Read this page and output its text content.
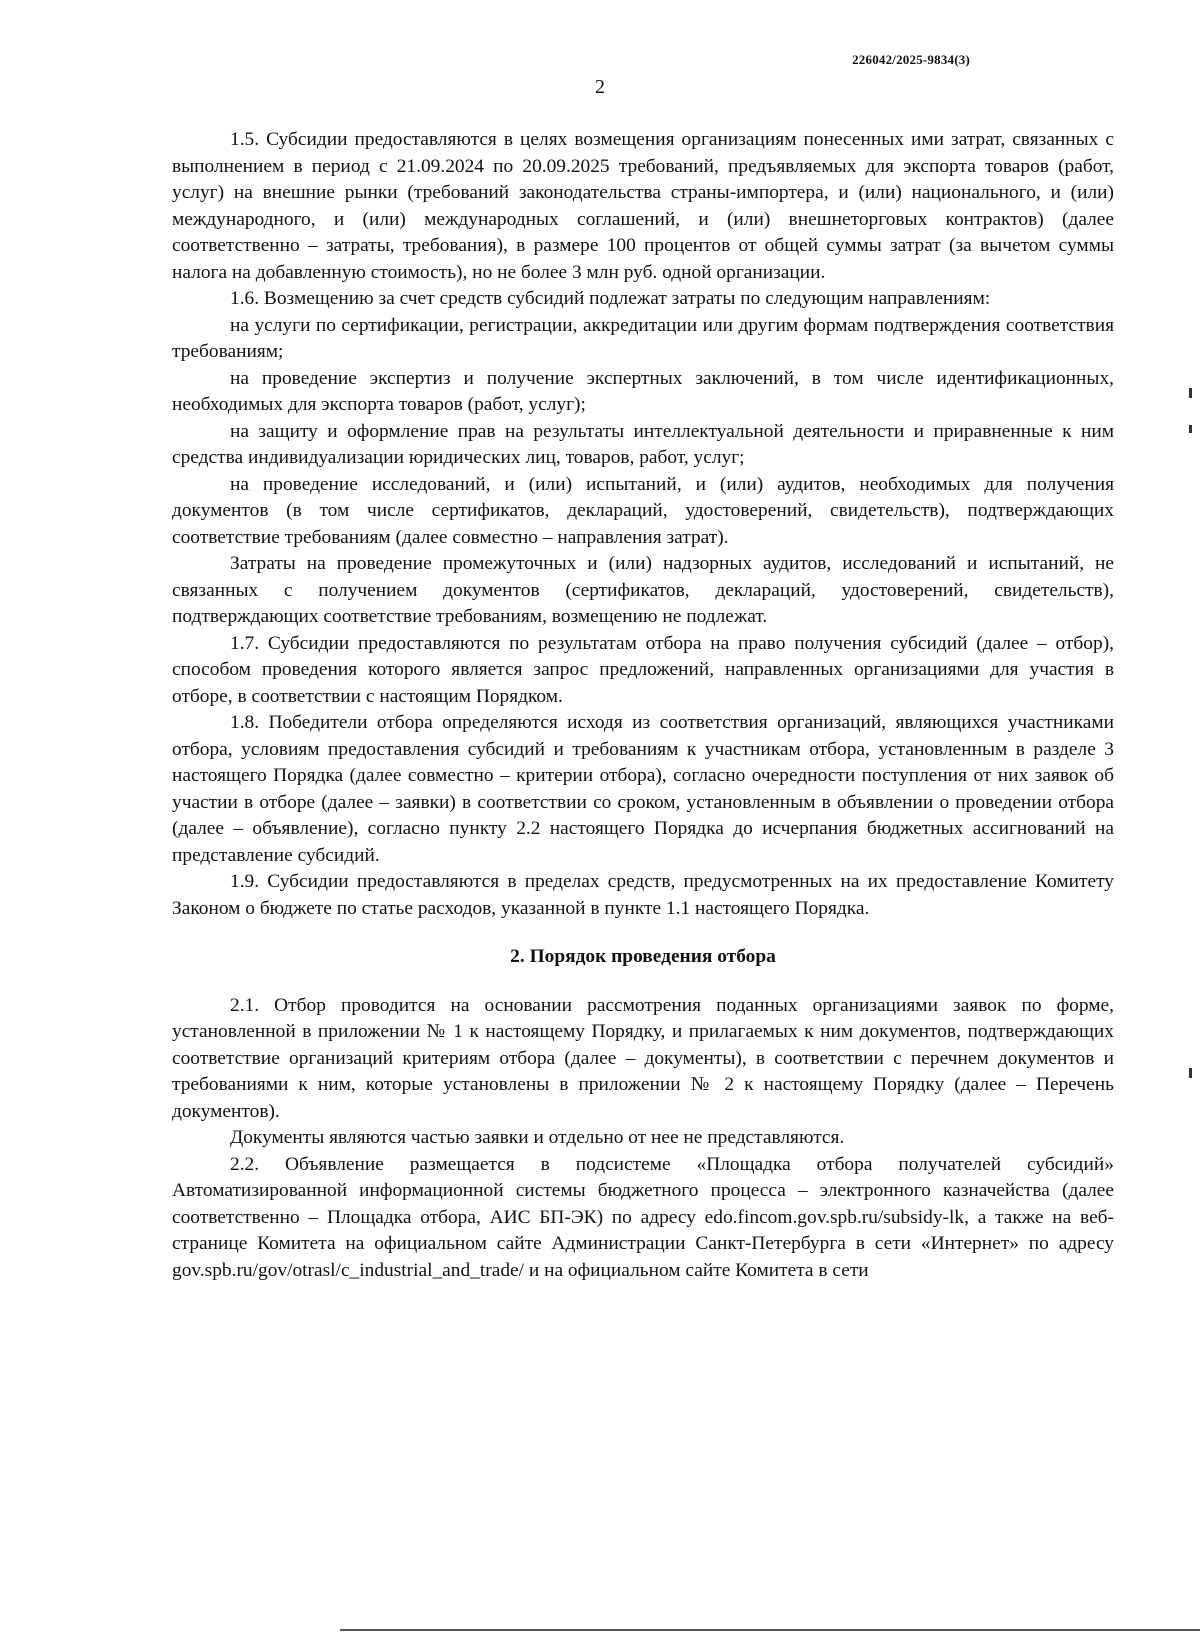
226042/2025-9834(3)
2

1.5. Субсидии предоставляются в целях возмещения организациям понесенных ими затрат, связанных с выполнением в период с 21.09.2024 по 20.09.2025 требований, предъявляемых для экспорта товаров (работ, услуг) на внешние рынки (требований законодательства страны-импортера, и (или) национального, и (или) международного, и (или) международных соглашений, и (или) внешнеторговых контрактов) (далее соответственно – затраты, требования), в размере 100 процентов от общей суммы затрат (за вычетом суммы налога на добавленную стоимость), но не более 3 млн руб. одной организации.

1.6. Возмещению за счет средств субсидий подлежат затраты по следующим направлениям:

на услуги по сертификации, регистрации, аккредитации или другим формам подтверждения соответствия требованиям;

на проведение экспертиз и получение экспертных заключений, в том числе идентификационных, необходимых для экспорта товаров (работ, услуг);

на защиту и оформление прав на результаты интеллектуальной деятельности и приравненные к ним средства индивидуализации юридических лиц, товаров, работ, услуг;

на проведение исследований, и (или) испытаний, и (или) аудитов, необходимых для получения документов (в том числе сертификатов, деклараций, удостоверений, свидетельств), подтверждающих соответствие требованиям (далее совместно – направления затрат).

Затраты на проведение промежуточных и (или) надзорных аудитов, исследований и испытаний, не связанных с получением документов (сертификатов, деклараций, удостоверений, свидетельств), подтверждающих соответствие требованиям, возмещению не подлежат.

1.7. Субсидии предоставляются по результатам отбора на право получения субсидий (далее – отбор), способом проведения которого является запрос предложений, направленных организациями для участия в отборе, в соответствии с настоящим Порядком.

1.8. Победители отбора определяются исходя из соответствия организаций, являющихся участниками отбора, условиям предоставления субсидий и требованиям к участникам отбора, установленным в разделе 3 настоящего Порядка (далее совместно – критерии отбора), согласно очередности поступления от них заявок об участии в отборе (далее – заявки) в соответствии со сроком, установленным в объявлении о проведении отбора (далее – объявление), согласно пункту 2.2 настоящего Порядка до исчерпания бюджетных ассигнований на представление субсидий.

1.9. Субсидии предоставляются в пределах средств, предусмотренных на их предоставление Комитету Законом о бюджете по статье расходов, указанной в пункте 1.1 настоящего Порядка.

2. Порядок проведения отбора

2.1. Отбор проводится на основании рассмотрения поданных организациями заявок по форме, установленной в приложении № 1 к настоящему Порядку, и прилагаемых к ним документов, подтверждающих соответствие организаций критериям отбора (далее – документы), в соответствии с перечнем документов и требованиями к ним, которые установлены в приложении № 2 к настоящему Порядку (далее – Перечень документов).

Документы являются частью заявки и отдельно от нее не представляются.

2.2. Объявление размещается в подсистеме «Площадка отбора получателей субсидий» Автоматизированной информационной системы бюджетного процесса – электронного казначейства (далее соответственно – Площадка отбора, АИС БП-ЭК) по адресу edo.fincom.gov.spb.ru/subsidy-lk, а также на веб-странице Комитета на официальном сайте Администрации Санкт-Петербурга в сети «Интернет» по адресу gov.spb.ru/gov/otrasl/c_industrial_and_trade/ и на официальном сайте Комитета в сети
